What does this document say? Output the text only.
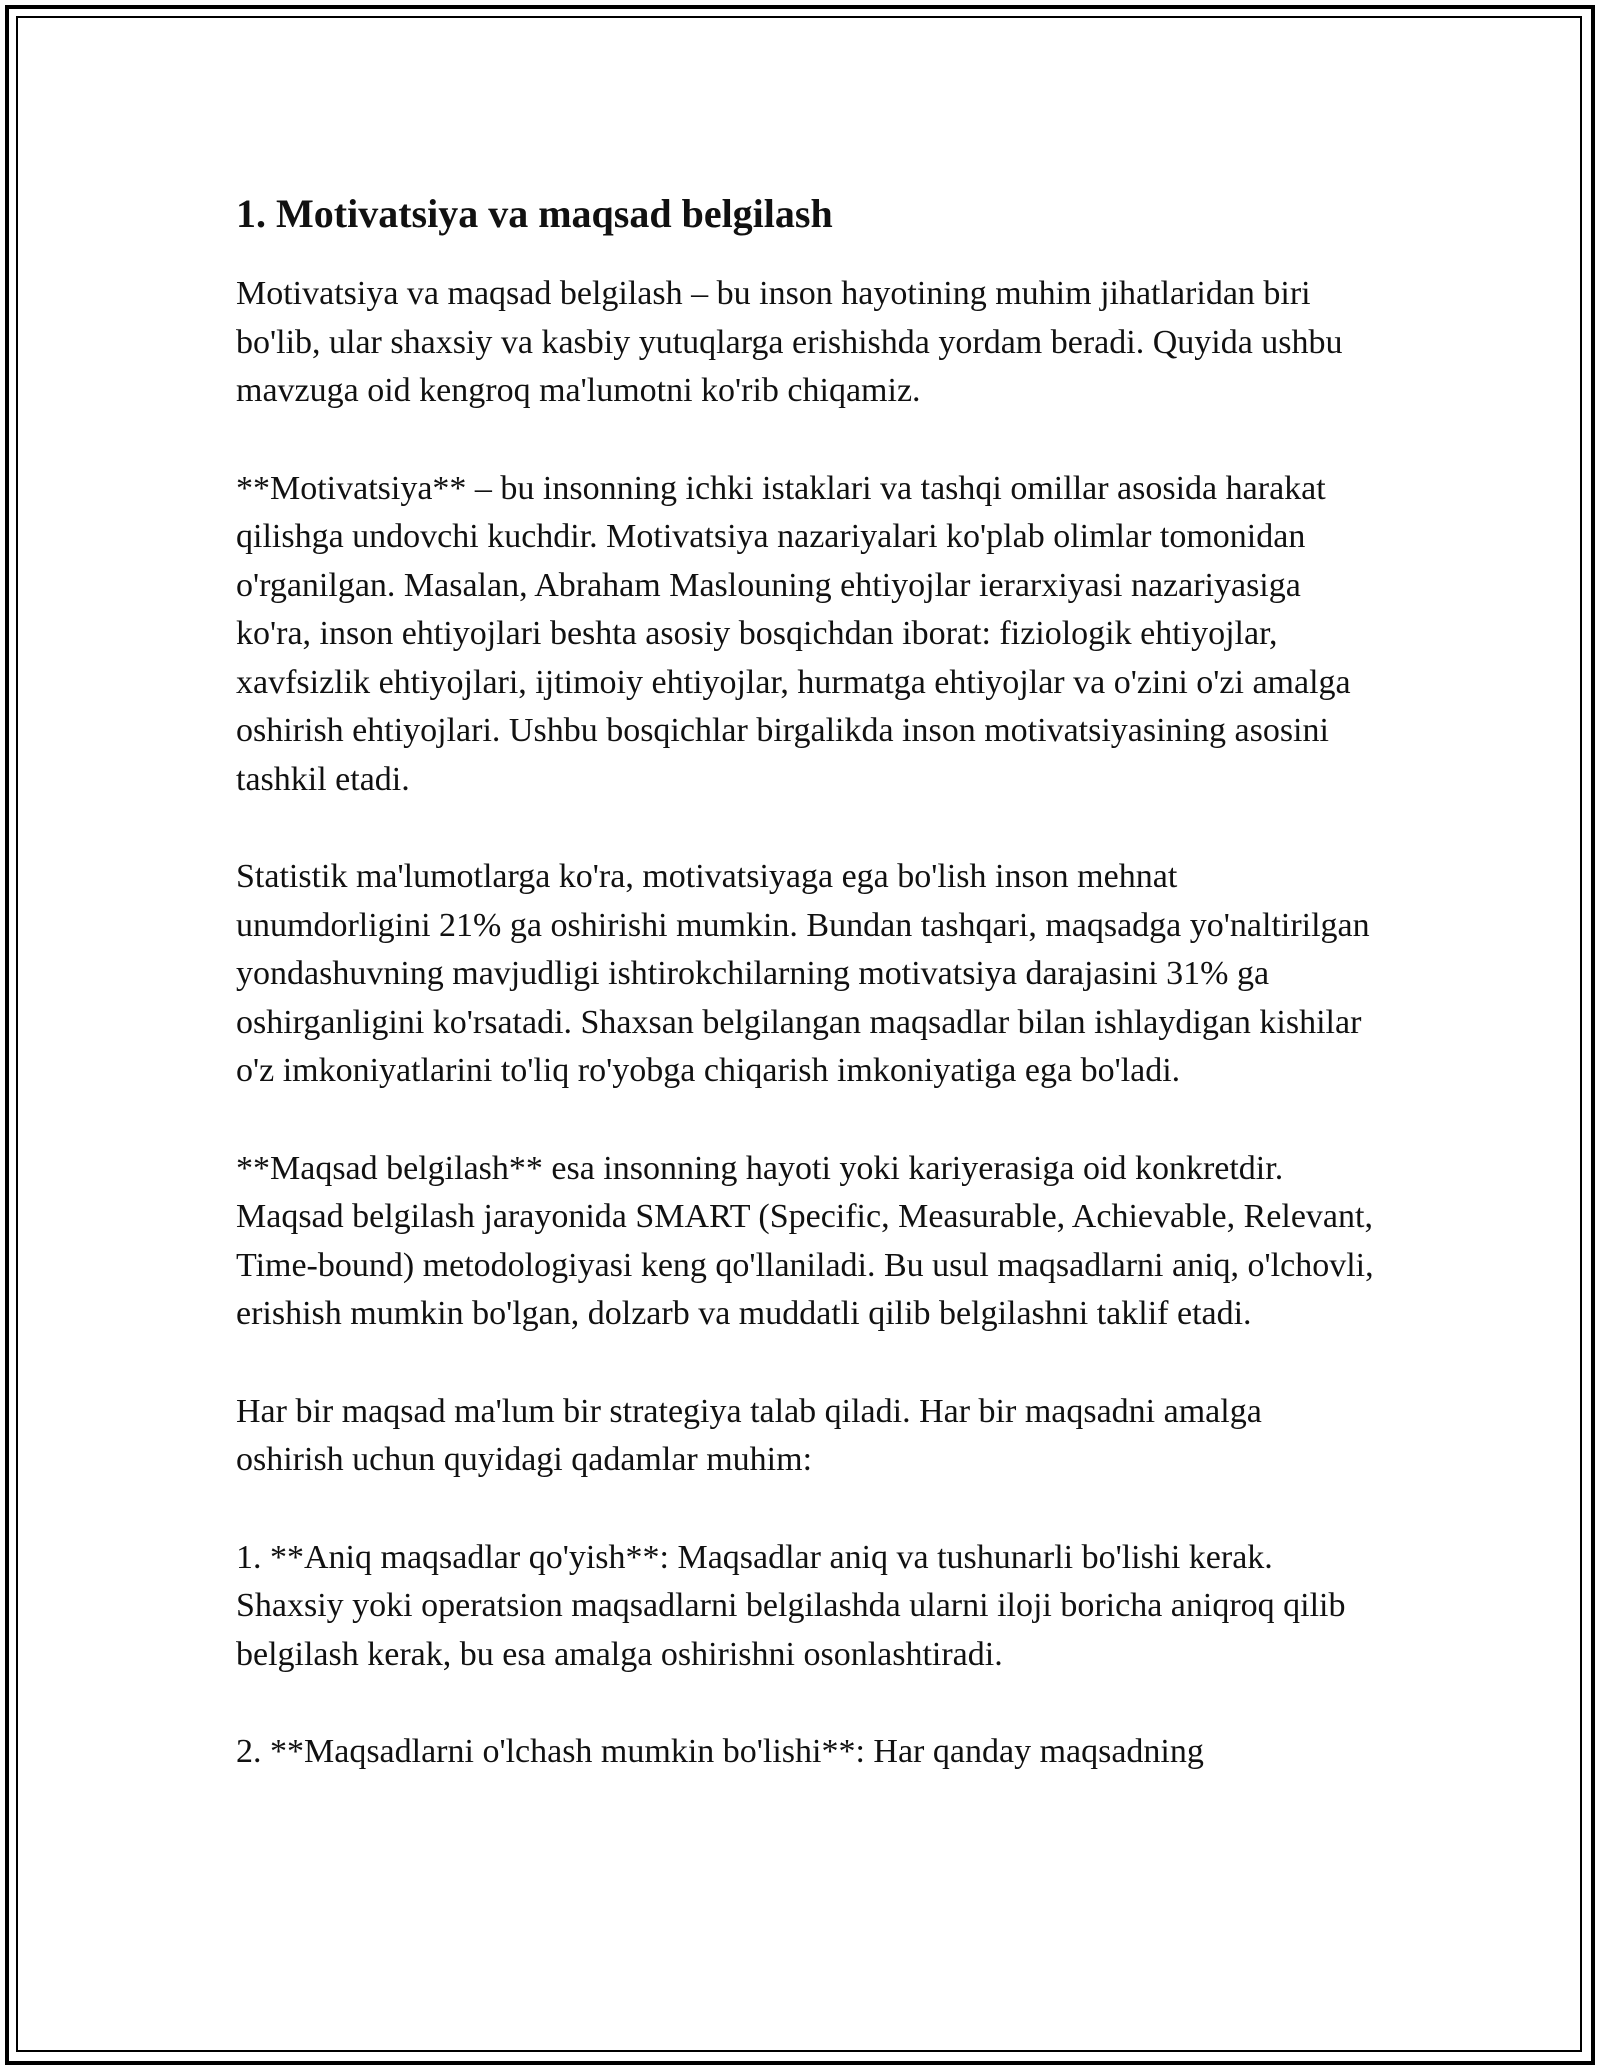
1. Motivatsiya va maqsad belgilash

Motivatsiya va maqsad belgilash – bu inson hayotining muhim jihatlaridan biri bo'lib, ular shaxsiy va kasbiy yutuqlarga erishishda yordam beradi. Quyida ushbu mavzuga oid kengroq ma'lumotni ko'rib chiqamiz.

**Motivatsiya** – bu insonning ichki istaklari va tashqi omillar asosida harakat qilishga undovchi kuchdir. Motivatsiya nazariyalari ko'plab olimlar tomonidan o'rganilgan. Masalan, Abraham Maslouning ehtiyojlar ierarxiyasi nazariyasiga ko'ra, inson ehtiyojlari beshta asosiy bosqichdan iborat: fiziologik ehtiyojlar, xavfsizlik ehtiyojlari, ijtimoiy ehtiyojlar, hurmatga ehtiyojlar va o'zini o'zi amalga oshirish ehtiyojlari. Ushbu bosqichlar birgalikda inson motivatsiyasining asosini tashkil etadi.

Statistik ma'lumotlarga ko'ra, motivatsiyaga ega bo'lish inson mehnat unumdorligini 21% ga oshirishi mumkin. Bundan tashqari, maqsadga yo'naltirilgan yondashuvning mavjudligi ishtirokchilarning motivatsiya darajasini 31% ga oshirganligini ko'rsatadi. Shaxsan belgilangan maqsadlar bilan ishlaydigan kishilar o'z imkoniyatlarini to'liq ro'yobga chiqarish imkoniyatiga ega bo'ladi.

**Maqsad belgilash** esa insonning hayoti yoki kariyerasiga oid konkretdir. Maqsad belgilash jarayonida SMART (Specific, Measurable, Achievable, Relevant, Time-bound) metodologiyasi keng qo'llaniladi. Bu usul maqsadlarni aniq, o'lchovli, erishish mumkin bo'lgan, dolzarb va muddatli qilib belgilashni taklif etadi.

Har bir maqsad ma'lum bir strategiya talab qiladi. Har bir maqsadni amalga oshirish uchun quyidagi qadamlar muhim:

1. **Aniq maqsadlar qo'yish**: Maqsadlar aniq va tushunarli bo'lishi kerak. Shaxsiy yoki operatsion maqsadlarni belgilashda ularni iloji boricha aniqroq qilib belgilash kerak, bu esa amalga oshirishni osonlashtiradi.

2. **Maqsadlarni o'lchash mumkin bo'lishi**: Har qanday maqsadning
